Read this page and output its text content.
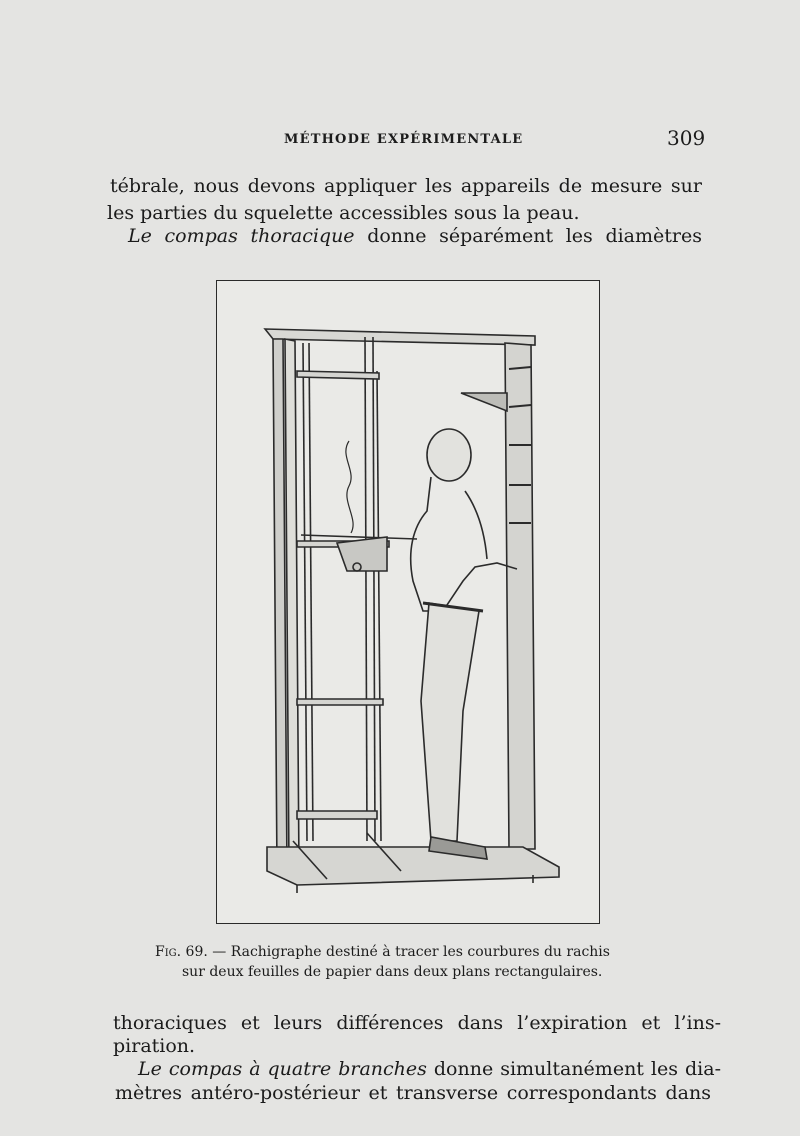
MÉTHODE EXPÉRIMENTALE	309
tébrale, nous devons appliquer les appareils de mesure sur
les parties du squelette accessibles sous la peau.
Le compas thoracique donne séparément les diamètres
Fig. 69. — Rachigraphe destiné à tracer les courbures du rachis
sur deux feuilles de papier dans deux plans rectangulaires.
thoraciques et leurs différences dans l’expiration et l’ins-
piration.
Le compas à quatre branches donne simultanément les dia-
mètres antéro-postérieur et transverse correspondants dans
